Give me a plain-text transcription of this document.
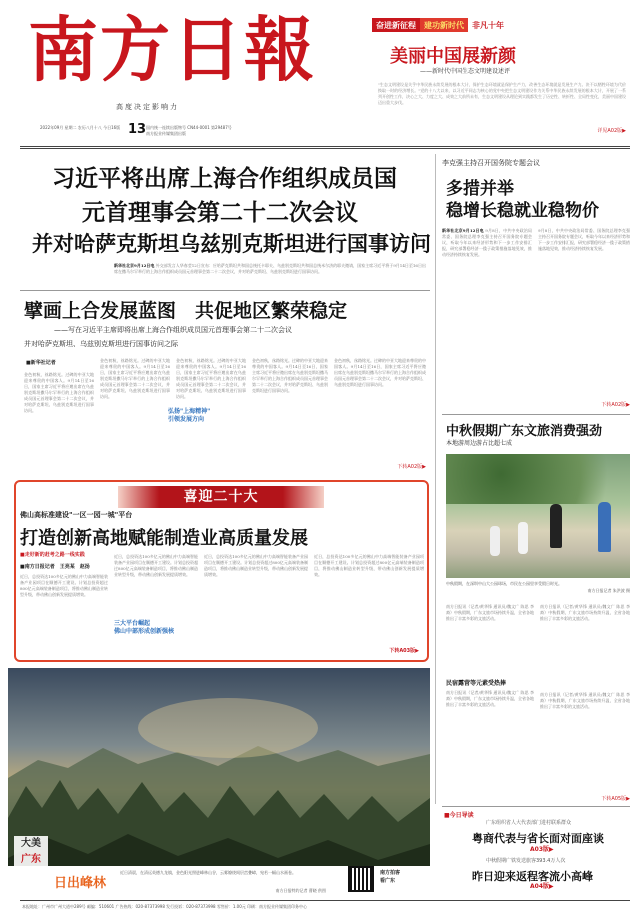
南方日報
高度决定影响力
13
2022年09月 星期二 农历八月十八 今日16版	国内统一连续出版物号 CN44-0001 第29487号
南方报业传媒集团出版
奋进新征程	建功新时代	非凡十年
美丽中国展新颜
——新时代中国生态文明建设述评
"生态文明建设是关乎中华民族永续发展的根本大计，保护生态环境就是保护生产力，改善生态环境就是发展生产力。决不以牺牲环境为代价换取一时的经济增长。"党的十八大以来，以习近平同志为核心的党中央把生态文明建设作为关系中华民族永续发展的根本大计，开展了一系列开创性工作，决心之大、力度之大、成效之大前所未有，生态文明建设从理论到实践都发生了历史性、转折性、全局性变化，美丽中国建设迈出重大步伐。
详见A02版▶
习近平将出席上海合作组织成员国
元首理事会第二十二次会议
并对哈萨克斯坦乌兹别克斯坦进行国事访问
新华社北京9月12日电 外交部发言人华春莹12日宣布：应哈萨克斯坦共和国总统托卡耶夫、乌兹别克斯坦共和国总统米尔济约耶夫邀请，国家主席习近平将于9月14日至16日出席在撒马尔罕举行的上海合作组织成员国元首理事会第二十二次会议，并对哈萨克斯坦、乌兹别克斯坦进行国事访问。
擘画上合发展蓝图　共促地区繁荣稳定
——写在习近平主席即将出席上海合作组织成员国元首理事会第二十二次会议
并对哈萨克斯坦、乌兹别克斯坦进行国事访问之际
■新华社记者
金色初秋，丝路铭光。过碑的中亚大地迎来尊贵的中国客人。9月14日至16日，国家主席习近平将应邀出席在乌兹别克斯坦撒马尔罕举行的上海合作组织成员国元首理事会第二十二次会议，并对哈萨克斯坦、乌兹别克斯坦进行国事访问。
金色初秋，丝路铭光。过碑的中亚大地迎来尊贵的中国客人。9月14日至16日，国家主席习近平将应邀出席在乌兹别克斯坦撒马尔罕举行的上海合作组织成员国元首理事会第二十二次会议，并对哈萨克斯坦、乌兹别克斯坦进行国事访问。
弘扬"上海精神"
引领发展方向
金色初秋，丝路铭光。过碑的中亚大地迎来尊贵的中国客人。9月14日至16日，国家主席习近平将应邀出席在乌兹别克斯坦撒马尔罕举行的上海合作组织成员国元首理事会第二十二次会议，并对哈萨克斯坦、乌兹别克斯坦进行国事访问。
金色初秋，丝路铭光。过碑的中亚大地迎来尊贵的中国客人。9月14日至16日，国家主席习近平将应邀出席在乌兹别克斯坦撒马尔罕举行的上海合作组织成员国元首理事会第二十二次会议，并对哈萨克斯坦、乌兹别克斯坦进行国事访问。
金色初秋，丝路铭光。过碑的中亚大地迎来尊贵的中国客人。9月14日至16日，国家主席习近平将应邀出席在乌兹别克斯坦撒马尔罕举行的上海合作组织成员国元首理事会第二十二次会议，并对哈萨克斯坦、乌兹别克斯坦进行国事访问。
下转A02版▶
李克强主持召开国务院专题会议
多措并举
稳增长稳就业稳物价
新华社北京9月12日电 9月8日，中共中央政治局常委、国务院总理李克强主持召开国务院专题会议，听取今年以来经济形势和下一步工作安排汇报，研究部署稳经济一揽子政策措施落地见效，推动经济持续恢复发展。
9月8日，中共中央政治局常委、国务院总理李克强主持召开国务院专题会议，听取今年以来经济形势和下一步工作安排汇报，研究部署稳经济一揽子政策措施落地见效，推动经济持续恢复发展。
下转A02版▶
中秋假期广东文旅消费强劲
本地游周边游占比超七成
中秋假期，在深圳中山大公园球场，市民在公园里享受假日时光。
南方日报记者 朱洪波 摄
南方日报讯（记者/黄华锋 通讯员/魏文广 陈思 李裔）中秋假期，广东文旅市场持续升温，全省各地推出了丰富多彩的文旅活动。
南方日报讯（记者/黄华锋 通讯员/魏文广 陈思 李裔）中秋假期，广东文旅市场持续升温，全省各地推出了丰富多彩的文旅活动。
民宿露营等元素受热捧
南方日报讯（记者/黄华锋 通讯员/魏文广 陈思 李裔）中秋假期，广东文旅市场持续升温，全省各地推出了丰富多彩的文旅活动。
南方日报讯（记者/黄华锋 通讯员/魏文广 陈思 李裔）中秋假期，广东文旅市场持续升温，全省各地推出了丰富多彩的文旅活动。
下转A05版▶
■今日导读
广东组织省人大代表部门进村联系群众
粤商代表与省长面对面座谈
A03版▶
中秋假期广铁发送旅客393.4万人次
昨日迎来返程客流小高峰
A04版▶
喜迎二十大
佛山高标准建设"一区一园一城"平台
打造创新高地赋能制造业高质量发展
■走好新的赶考之路一线实践
■南方日报记者　王亮某　赵扬
近日，总投资达100多亿元的佛山中力高端智能装备产业园项目在顺德开工建设。计划总投资超过800亿元高端装备制造项目，将推动佛山制造业转型升级，带动佛山创新发展提质增效。
近日，总投资达100多亿元的佛山中力高端智能装备产业园项目在顺德开工建设。计划总投资超过800亿元高端装备制造项目，将推动佛山制造业转型升级，带动佛山创新发展提质增效。
三大平台崛起
佛山中部形成创新强核
近日，总投资达100多亿元的佛山中力高端智能装备产业园项目在顺德开工建设。计划总投资超过800亿元高端装备制造项目，将推动佛山制造业转型升级，带动佛山创新发展提质增效。
近日，总投资达100多亿元的佛山中力高端智能装备产业园项目在顺德开工建设。计划总投资超过800亿元高端装备制造项目，将推动佛山制造业转型升级，带动佛山创新发展提质增效。
下转A03版▶
大美
广东
日出峰林
近日清晨，在清远英德九龙镇，金色阳光照进峰林山谷，云雾缭绕间层峦叠嶂，宛若一幅山水画卷。
南方日报特约记者 曹晓 供图
南方拍客
看广东
本报地址：广州市广州大道中289号 邮编：510601 广告热线：020-87373998 发行投诉：020-87373998 零售价：1.00元 印刷：南方报业传媒集团印务中心
